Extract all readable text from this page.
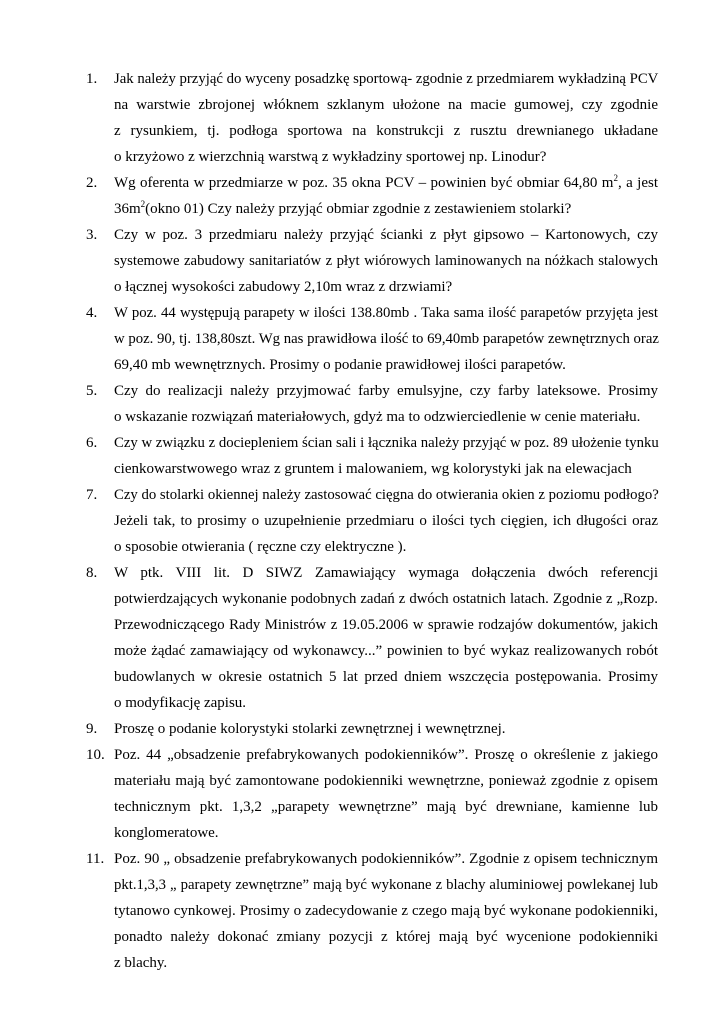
1. Jak należy przyjąć do wyceny posadzkę sportową- zgodnie z przedmiarem wykładziną PCV
na warstwie zbrojonej włóknem szklanym ułożone na macie gumowej, czy zgodnie
z rysunkiem, tj. podłoga sportowa na konstrukcji z rusztu drewnianego układane
o krzyżowo z wierzchnią warstwą z wykładziny sportowej np. Linodur?
2. Wg oferenta w przedmiarze w poz. 35 okna PCV – powinien być obmiar 64,80 $m^2$, a jest
$36m^2(okno$ 01) Czy należy przyjąć obmiar zgodnie z zestawieniem stolarki?
3. Czy w poz. 3 przedmiaru należy przyjąć ścianki z płyt gipsowo – Kartonowych, czy
systemowe zabudowy sanitariatów z płyt wiórowych laminowanych na nóżkach stalowych
o łącznej wysokości zabudowy 2,10m wraz z drzwiami?
4. W poz. 44 występują parapety w ilości 138.80mb . Taka sama ilość parapetów przyjęta jest
w poz. 90, tj. 138,80szt. Wg nas prawidłowa ilość to 69,40mb parapetów zewnętrznych oraz
69,40 mb wewnętrznych. Prosimy o podanie prawidłowej ilości parapetów.
5. Czy do realizacji należy przyjmować farby emulsyjne, czy farby lateksowe. Prosimy
o wskazanie rozwiązań materiałowych, gdyż ma to odzwierciedlenie w cenie materiału.
6. Czy w związku z dociepleniem ścian sali i łącznika należy przyjąć w poz. 89 ułożenie tynku
cienkowarstwowego wraz z gruntem i malowaniem, wg kolorystyki jak na elewacjach
7. Czy do stolarki okiennej należy zastosować cięgna do otwierania okien z poziomu podłogo?
Jeżeli tak, to prosimy o uzupełnienie przedmiaru o ilości tych cięgien, ich długości oraz
o sposobie otwierania ( ręczne czy elektryczne ).
8. W ptk. VIII lit. D SIWZ Zamawiający wymaga dołączenia dwóch referencji
potwierdzających wykonanie podobnych zadań z dwóch ostatnich latach. Zgodnie z „Rozp.
Przewodniczącego Rady Ministrów z 19.05.2006 w sprawie rodzajów dokumentów, jakich
może żądać zamawiający od wykonawcy...” powinien to być wykaz realizowanych robót
budowlanych w okresie ostatnich 5 lat przed dniem wszczęcia postępowania. Prosimy
o modyfikację zapisu.
9. Proszę o podanie kolorystyki stolarki zewnętrznej i wewnętrznej.
10. Poz. 44 „obsadzenie prefabrykowanych podokienników”. Proszę o określenie z jakiego
materiału mają być zamontowane podokienniki wewnętrzne, ponieważ zgodnie z opisem
technicznym pkt. 1,3,2 „parapety wewnętrzne” mają być drewniane, kamienne lub
konglomeratowe.
11. Poz. 90 „ obsadzenie prefabrykowanych podokienników”. Zgodnie z opisem technicznym
pkt.1,3,3 „ parapety zewnętrzne” mają być wykonane z blachy aluminiowej powlekanej lub
tytanowo cynkowej. Prosimy o zadecydowanie z czego mają być wykonane podokienniki,
ponadto należy dokonać zmiany pozycji z której mają być wycenione podokienniki
z blachy.
